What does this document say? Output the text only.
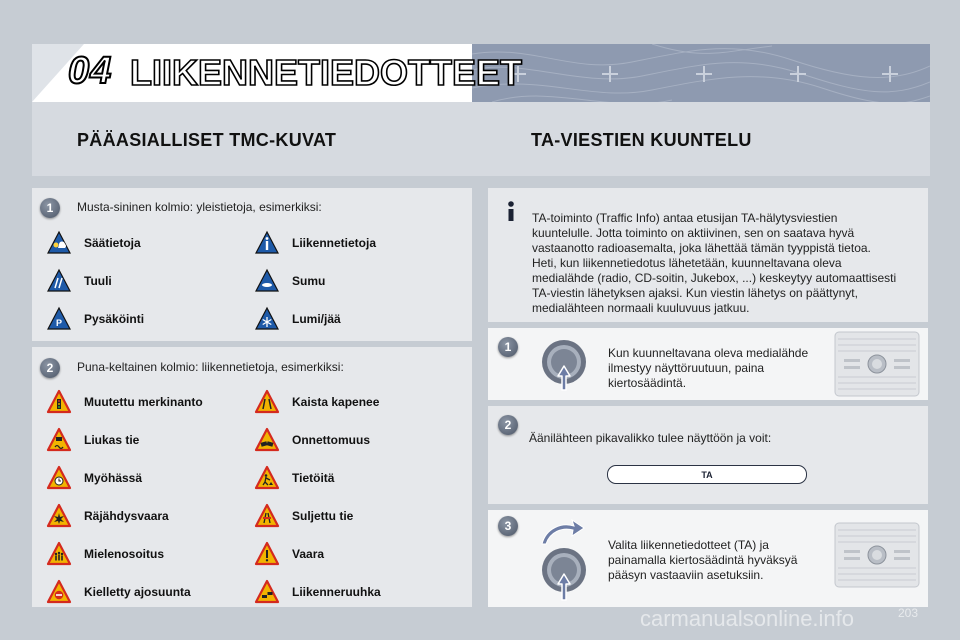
04 LIIKENNETIEDOTTEET
PÄÄASIALLISET TMC-KUVAT	TA-VIESTIEN KUUNTELU
1	Musta-sininen kolmio: yleistietoja, esimerkiksi:
Säätietoja	Liikennetietoja
Tuuli	Sumu
P Pysäköinti	Lumi/jää
2	Puna-keltainen kolmio: liikennetietoja, esimerkiksi:
Muutettu merkinanto	Kaista kapenee
Liukas tie	Onnettomuus
Myöhässä	Tietöitä
Räjähdysvaara	Suljettu tie
Mielenosoitus	Vaara
Kielletty ajosuunta	Liikenneruuhka
TA-toiminto (Traffic Info) antaa etusijan TA-hälytysviestien
kuuntelulle. Jotta toiminto on aktiivinen, sen on saatava hyvä
vastaanotto radioasemalta, joka lähettää tämän tyyppistä tietoa.
Heti, kun liikennetiedotus lähetetään, kuunneltavana oleva
medialähde (radio, CD-soitin, Jukebox, ...) keskeytyy automaattisesti
TA-viestin lähetyksen ajaksi. Kun viestin lähetys on päättynyt,
medialähteen normaali kuuluvuus jatkuu.
1	Kun kuunneltavana oleva medialähde
ilmestyy näyttöruutuun, paina
kiertosäädintä.
2
Äänilähteen pikavalikko tulee näyttöön ja voit:
TA
3
Valita liikennetiedotteet (TA) ja
painamalla kiertosäädintä hyväksyä
pääsyn vastaaviin asetuksiin.
carmanualsonline.info	203
